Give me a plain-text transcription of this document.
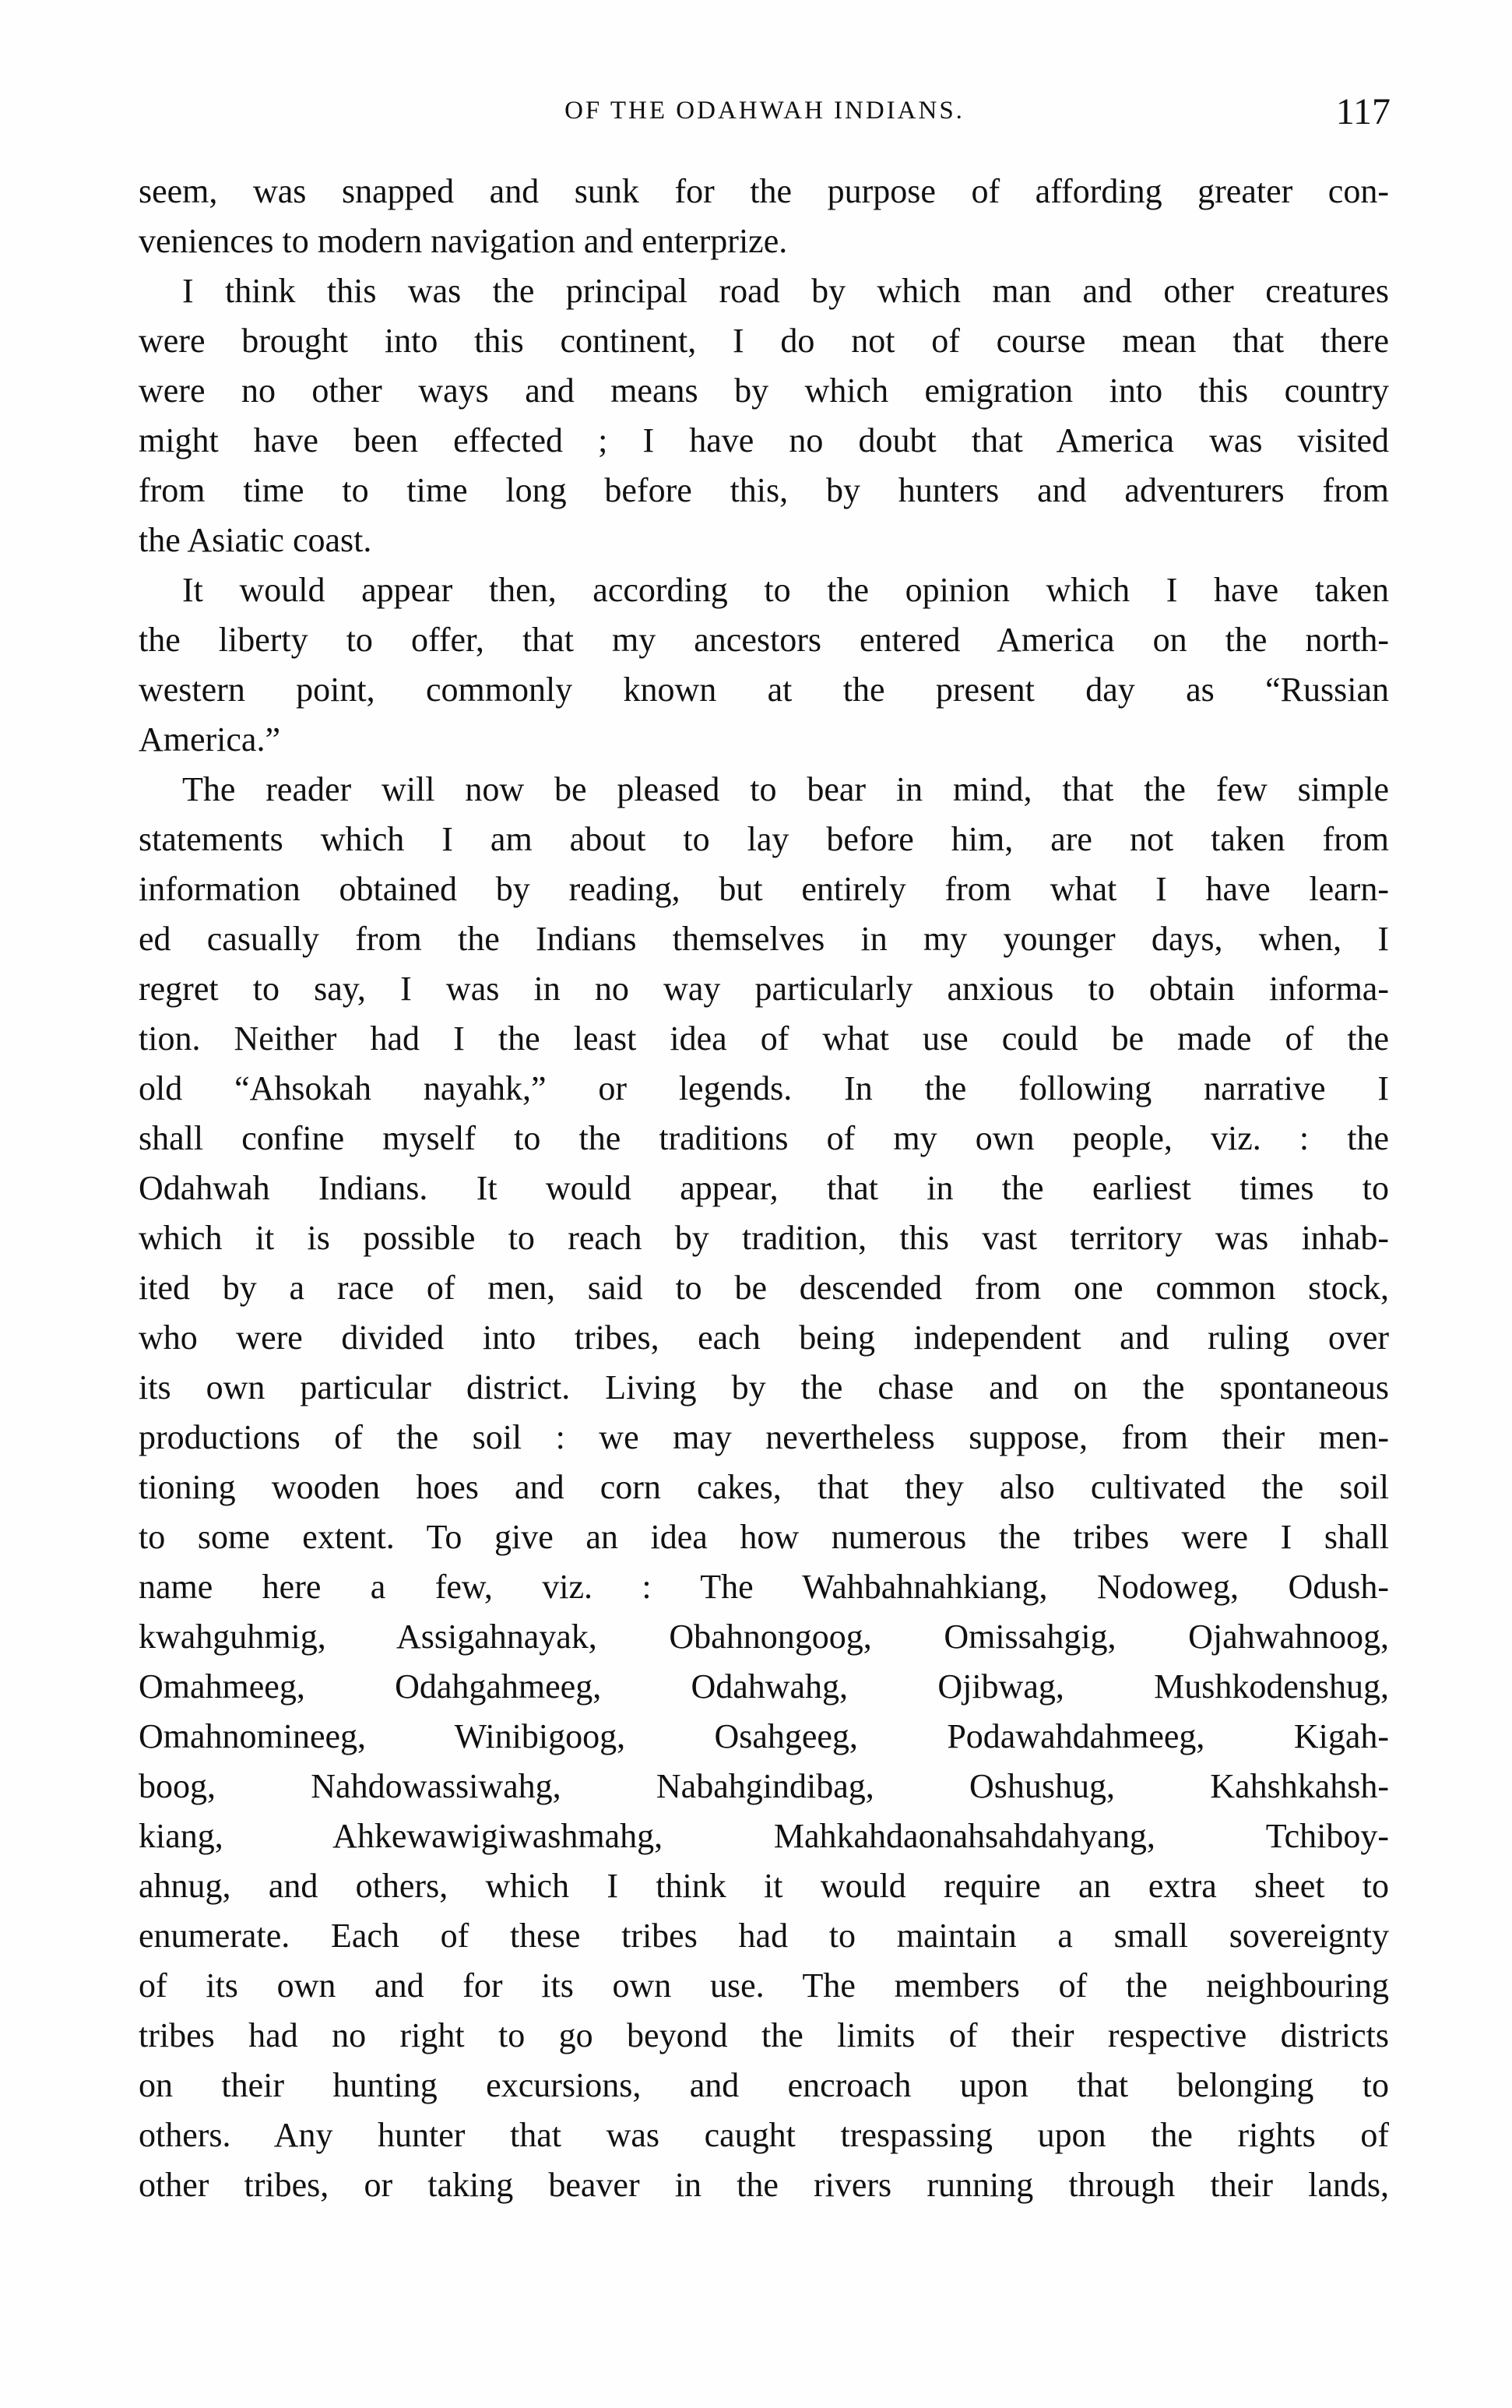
OF THE ODAHWAH INDIANS.	117
seem, was snapped and sunk for the purpose of affording greater con-
veniences to modern navigation and enterprize.
I think this was the principal road by which man and other creatures
were brought into this continent, I do not of course mean that there
were no other ways and means by which emigration into this country
might have been effected ; I have no doubt that America was visited
from time to time long before this, by hunters and adventurers from
the Asiatic coast.
It would appear then, according to the opinion which I have taken
the liberty to offer, that my ancestors entered America on the north-
western point, commonly known at the present day as “Russian
America.”
The reader will now be pleased to bear in mind, that the few simple
statements which I am about to lay before him, are not taken from
information obtained by reading, but entirely from what I have learn-
ed casually from the Indians themselves in my younger days, when, I
regret to say, I was in no way particularly anxious to obtain informa-
tion. Neither had I the least idea of what use could be made of the
old “Ahsokah nayahk,” or legends. In the following narrative I
shall confine myself to the traditions of my own people, viz. : the
Odahwah Indians. It would appear, that in the earliest times to
which it is possible to reach by tradition, this vast territory was inhab-
ited by a race of men, said to be descended from one common stock,
who were divided into tribes, each being independent and ruling over
its own particular district. Living by the chase and on the spontaneous
productions of the soil : we may nevertheless suppose, from their men-
tioning wooden hoes and corn cakes, that they also cultivated the soil
to some extent. To give an idea how numerous the tribes were I shall
name here a few, viz. : The Wahbahnahkiang, Nodoweg, Odush-
kwahguhmig, Assigahnayak, Obahnongoog, Omissahgig, Ojahwahnoog,
Omahmeeg, Odahgahmeeg, Odahwahg, Ojibwag, Mushkodenshug,
Omahnomineeg, Winibigoog, Osahgeeg, Podawahdahmeeg, Kigah-
boog, Nahdowassiwahg, Nabahgindibag, Oshushug, Kahshkahsh-
kiang, Ahkewawigiwashmahg, Mahkahdaonahsahdahyang, Tchiboy-
ahnug, and others, which I think it would require an extra sheet to
enumerate. Each of these tribes had to maintain a small sovereignty
of its own and for its own use. The members of the neighbouring
tribes had no right to go beyond the limits of their respective districts
on their hunting excursions, and encroach upon that belonging to
others. Any hunter that was caught trespassing upon the rights of
other tribes, or taking beaver in the rivers running through their lands,
